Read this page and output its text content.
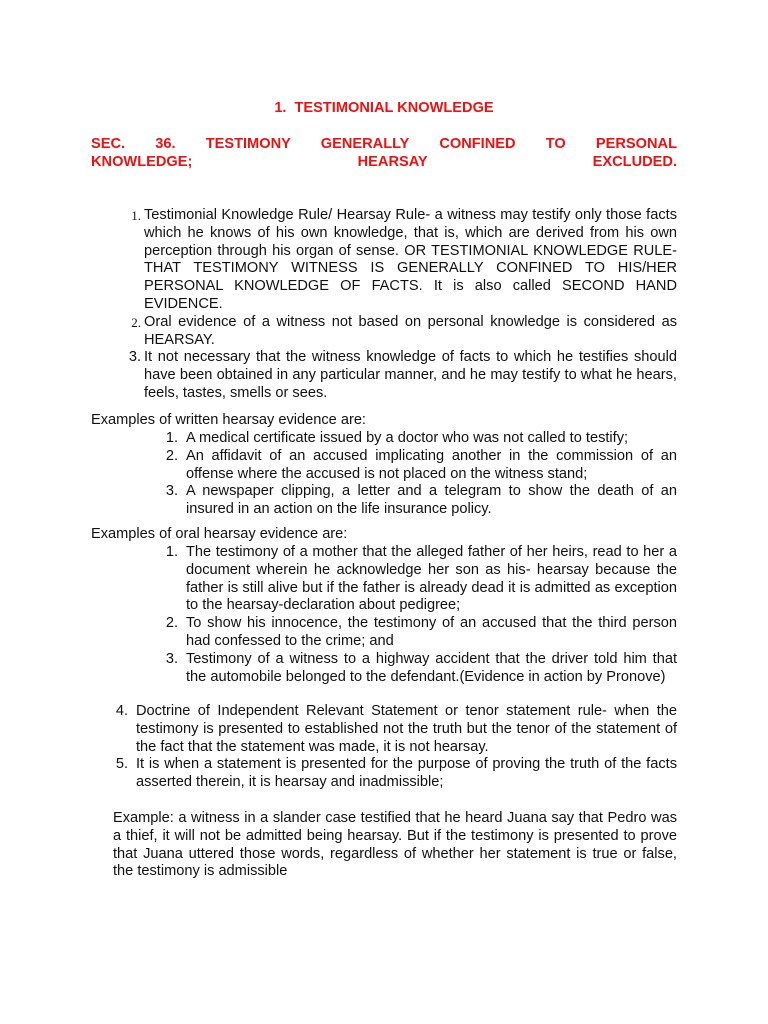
1. TESTIMONIAL KNOWLEDGE
SEC. 36. TESTIMONY GENERALLY CONFINED TO PERSONAL
KNOWLEDGE; HEARSAY EXCLUDED.
1. Testimonial Knowledge Rule/ Hearsay Rule- a witness may testify only those facts which he knows of his own knowledge, that is, which are derived from his own perception through his organ of sense. OR TESTIMONIAL KNOWLEDGE RULE- THAT TESTIMONY WITNESS IS GENERALLY CONFINED TO HIS/HER PERSONAL KNOWLEDGE OF FACTS. It is also called SECOND HAND EVIDENCE.
2. Oral evidence of a witness not based on personal knowledge is considered as HEARSAY.
3. It not necessary that the witness knowledge of facts to which he testifies should have been obtained in any particular manner, and he may testify to what he hears, feels, tastes, smells or sees.
Examples of written hearsay evidence are:
1. A medical certificate issued by a doctor who was not called to testify;
2. An affidavit of an accused implicating another in the commission of an offense where the accused is not placed on the witness stand;
3. A newspaper clipping, a letter and a telegram to show the death of an insured in an action on the life insurance policy.
Examples of oral hearsay evidence are:
1. The testimony of a mother that the alleged father of her heirs, read to her a document wherein he acknowledge her son as his- hearsay because the father is still alive but if the father is already dead it is admitted as exception to the hearsay-declaration about pedigree;
2. To show his innocence, the testimony of an accused that the third person had confessed to the crime; and
3. Testimony of a witness to a highway accident that the driver told him that the automobile belonged to the defendant.(Evidence in action by Pronove)
4. Doctrine of Independent Relevant Statement or tenor statement rule- when the testimony is presented to established not the truth but the tenor of the statement of the fact that the statement was made, it is not hearsay.
5. It is when a statement is presented for the purpose of proving the truth of the facts asserted therein, it is hearsay and inadmissible;
Example: a witness in a slander case testified that he heard Juana say that Pedro was a thief, it will not be admitted being hearsay. But if the testimony is presented to prove that Juana uttered those words, regardless of whether her statement is true or false, the testimony is admissible
